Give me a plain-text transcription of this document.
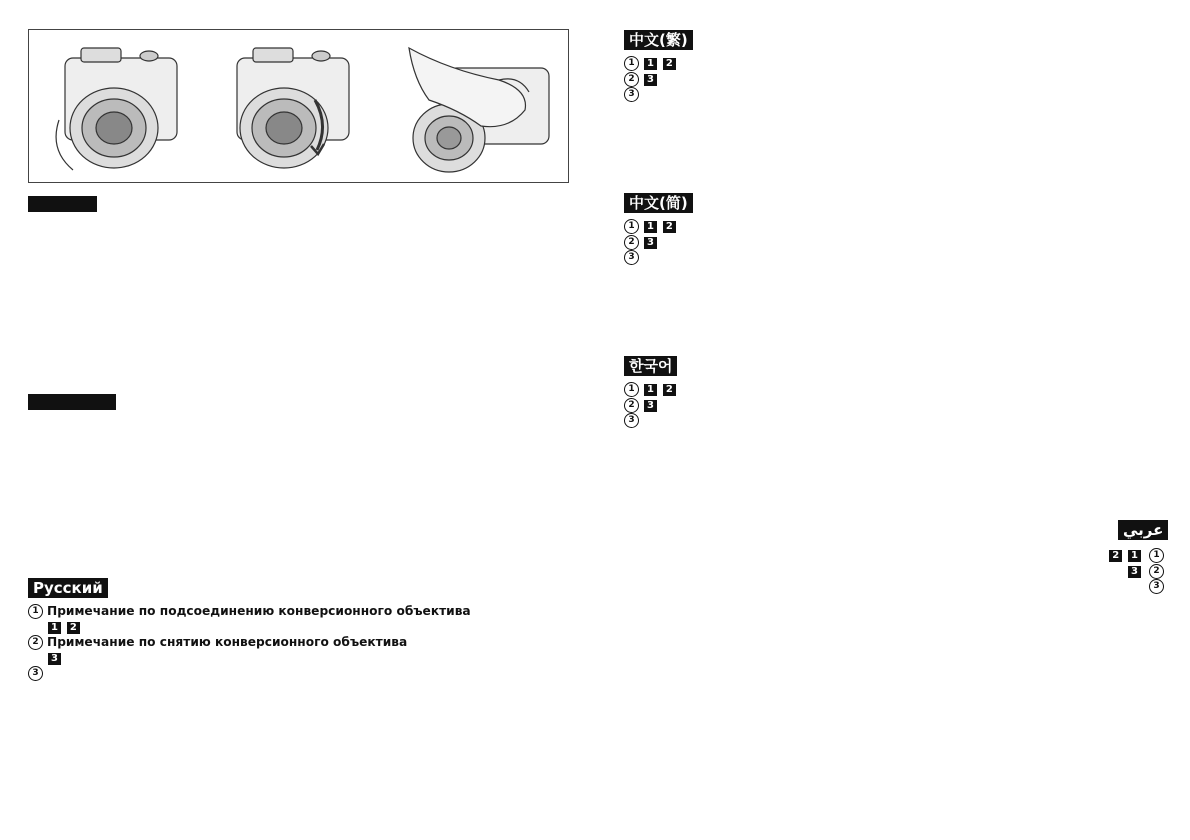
Русский
1 Примечание по подсоединению конверсионного объектива
1 2
2 Примечание по снятию конверсионного объектива
3
3
中文(繁)
1	1 2
2	3
3
中文(简)
1	1 2
2	3
3
한국어
1	1 2
2	3
3
عربي
1
1 2
2
3
3
